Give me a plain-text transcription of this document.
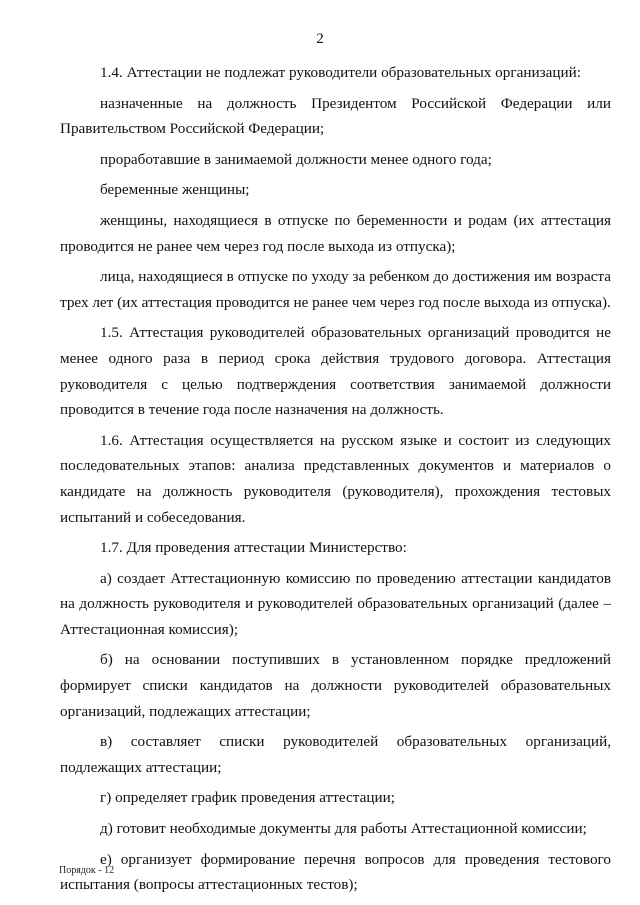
2

1.4. Аттестации не подлежат руководители образовательных организаций:

назначенные на должность Президентом Российской Федерации или Правительством Российской Федерации;

проработавшие в занимаемой должности менее одного года;

беременные женщины;

женщины, находящиеся в отпуске по беременности и родам (их аттестация проводится не ранее чем через год после выхода из отпуска);

лица, находящиеся в отпуске по уходу за ребенком до достижения им возраста трех лет (их аттестация проводится не ранее чем через год после выхода из отпуска).

1.5. Аттестация руководителей образовательных организаций проводится не менее одного раза в период срока действия трудового договора. Аттестация руководителя с целью подтверждения соответствия занимаемой должности проводится в течение года после назначения на должность.

1.6. Аттестация осуществляется на русском языке и состоит из следующих последовательных этапов: анализа представленных документов и материалов о кандидате на должность руководителя (руководителя), прохождения тестовых испытаний и собеседования.

1.7. Для проведения аттестации Министерство:

а) создает Аттестационную комиссию по проведению аттестации кандидатов на должность руководителя и руководителей образовательных организаций (далее – Аттестационная комиссия);

б) на основании поступивших в установленном порядке предложений формирует списки кандидатов на должности руководителей образовательных организаций, подлежащих аттестации;

в) составляет списки руководителей образовательных организаций, подлежащих аттестации;

г) определяет график проведения аттестации;

д) готовит необходимые документы для работы Аттестационной комиссии;

е) организует формирование перечня вопросов для проведения тестового испытания (вопросы аттестационных тестов);

Порядок - 12
